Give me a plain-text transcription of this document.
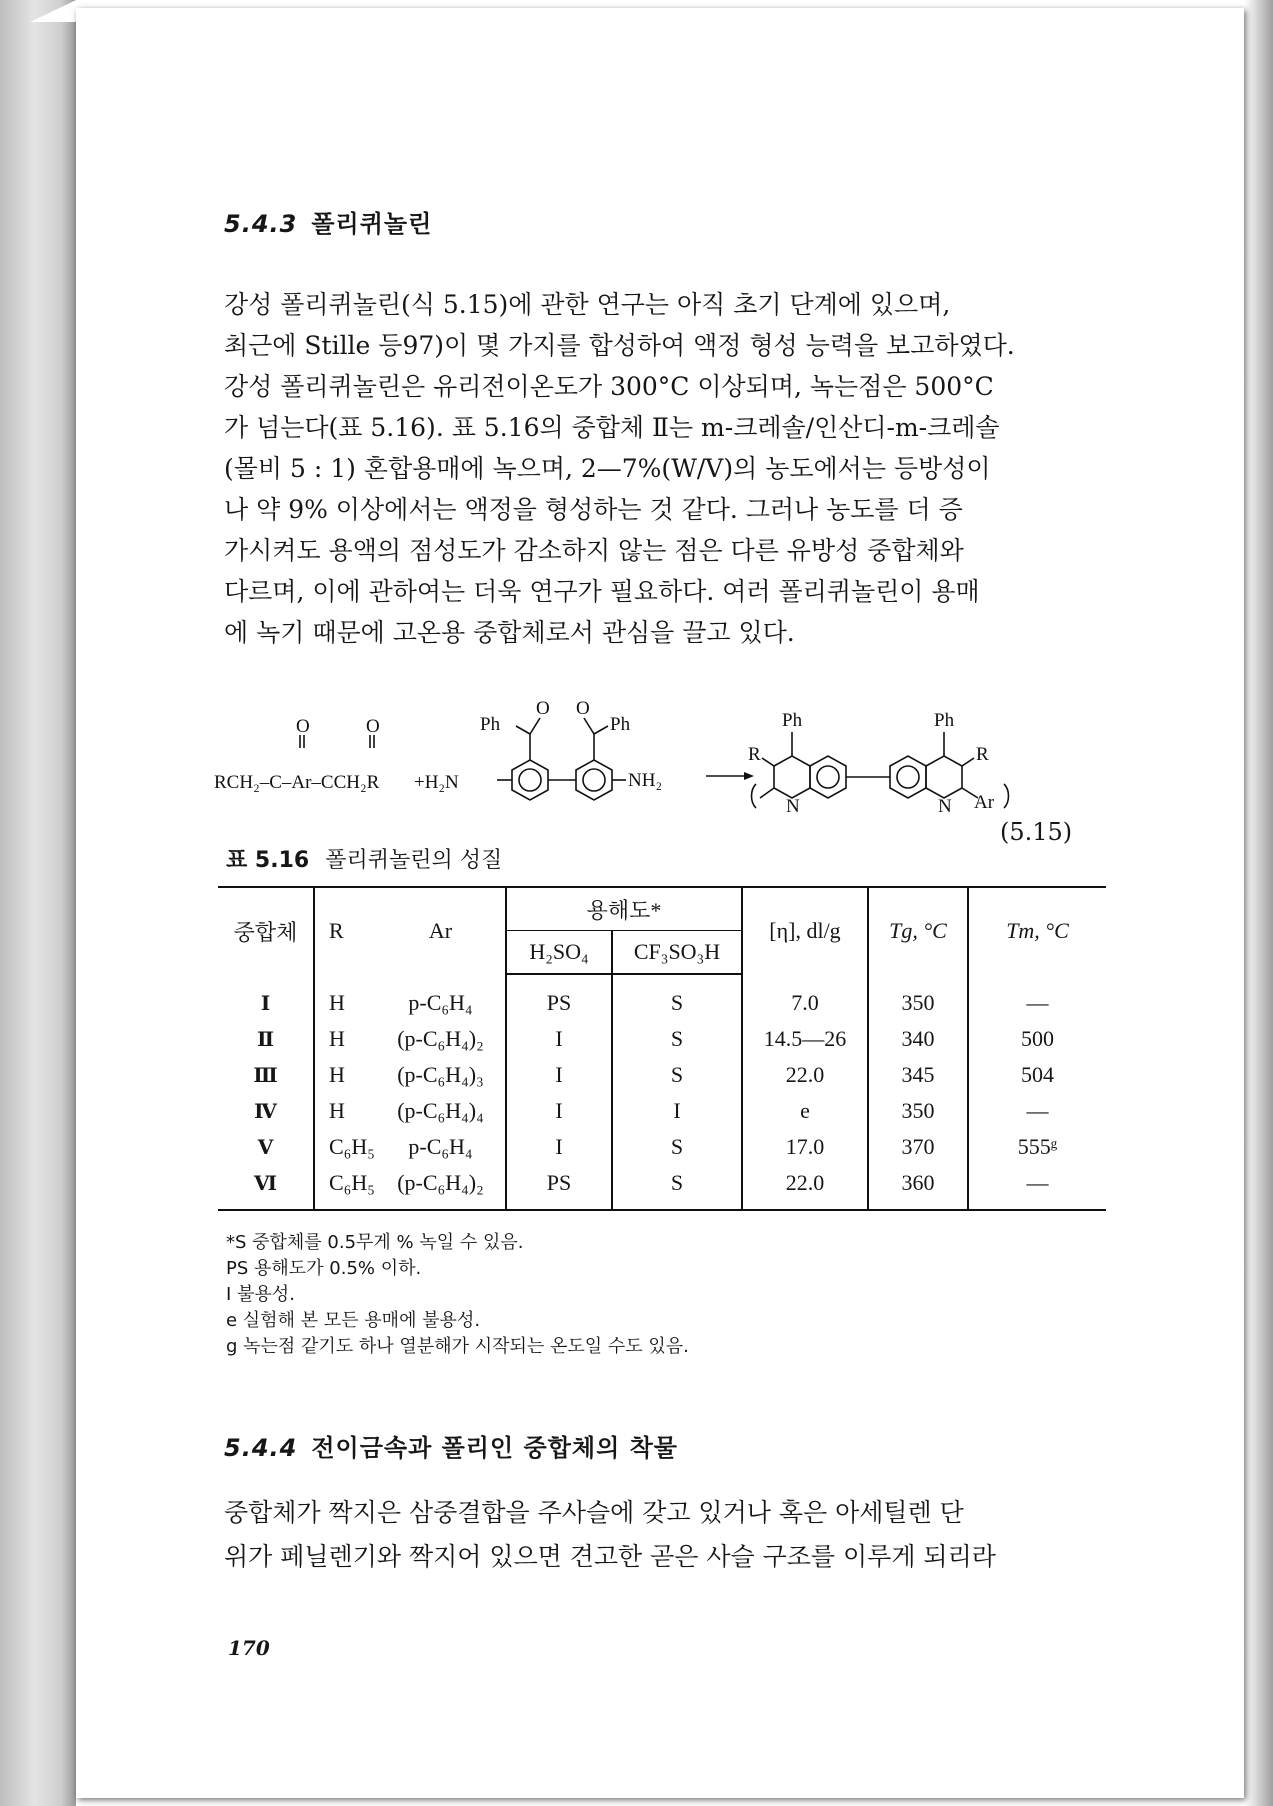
5.4.3 폴리퀴놀린
강성 폴리퀴놀린(식 5.15)에 관한 연구는 아직 초기 단계에 있으며,
최근에 Stille 등97)이 몇 가지를 합성하여 액정 형성 능력을 보고하였다.
강성 폴리퀴놀린은 유리전이온도가 300°C 이상되며, 녹는점은 500°C
가 넘는다(표 5.16). 표 5.16의 중합체 Ⅱ는 m-크레솔/인산디-m-크레솔
(몰비 5 : 1) 혼합용매에 녹으며, 2—7%(W/V)의 농도에서는 등방성이
나 약 9% 이상에서는 액정을 형성하는 것 같다. 그러나 농도를 더 증
가시켜도 용액의 점성도가 감소하지 않는 점은 다른 유방성 중합체와
다르며, 이에 관하여는 더욱 연구가 필요하다. 여러 폴리퀴놀린이 용매
에 녹기 때문에 고온용 중합체로서 관심을 끌고 있다.
RCH₂–C–Ar–CCH₂R
O	O
+H₂N
Ph
O O
Ph
NH₂
Ph	Ph
R	R
N	N Ar
(5.15)
표 5.16 폴리퀴놀린의 성질
중합체	R	Ar	용해도*		[η], dl/g	Tg, °C	Tm, °C
			H₂SO₄	CF₃SO₃H			
Ⅰ	H	p-C₆H₄	PS	S	7.0	350	—
Ⅱ	H	(p-C₆H₄)₂	I	S	14.5—26	340	500
Ⅲ	H	(p-C₆H₄)₃	I	S	22.0	345	504
Ⅳ	H	(p-C₆H₄)₄	I	I	e	350	—
Ⅴ	C₆H₅	p-C₆H₄	I	S	17.0	370	555ᵍ
Ⅵ	C₆H₅	(p-C₆H₄)₂	PS	S	22.0	360	—
*S 중합체를 0.5무게 % 녹일 수 있음.
PS 용해도가 0.5% 이하.
I 불용성.
e 실험해 본 모든 용매에 불용성.
g 녹는점 같기도 하나 열분해가 시작되는 온도일 수도 있음.
5.4.4 전이금속과 폴리인 중합체의 착물
중합체가 짝지은 삼중결합을 주사슬에 갖고 있거나 혹은 아세틸렌 단
위가 페닐렌기와 짝지어 있으면 견고한 곧은 사슬 구조를 이루게 되리라
170
